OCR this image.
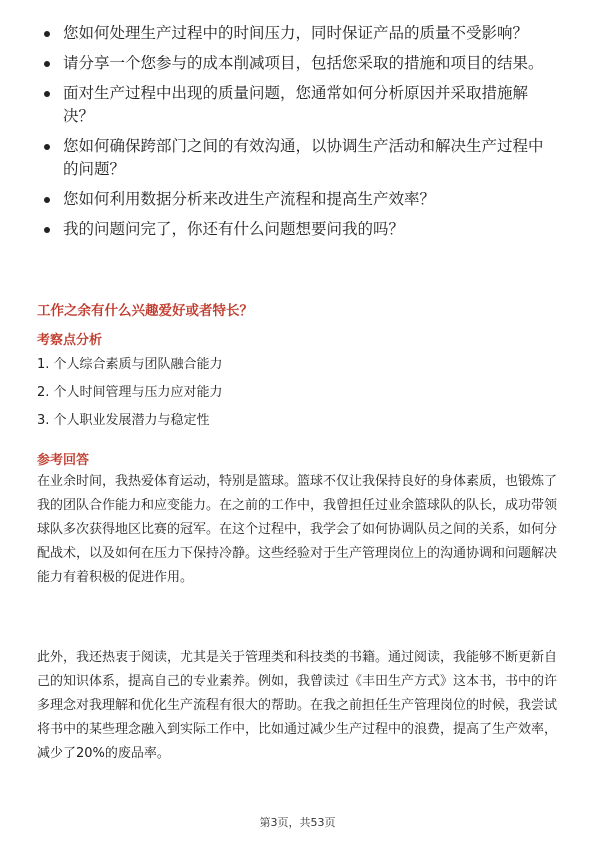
您如何处理生产过程中的时间压力，同时保证产品的质量不受影响？
请分享一个您参与的成本削减项目，包括您采取的措施和项目的结果。
面对生产过程中出现的质量问题，您通常如何分析原因并采取措施解决？
您如何确保跨部门之间的有效沟通，以协调生产活动和解决生产过程中的问题？
您如何利用数据分析来改进生产流程和提高生产效率？
我的问题问完了，你还有什么问题想要问我的吗？
工作之余有什么兴趣爱好或者特长？
考察点分析
1. 个人综合素质与团队融合能力
2. 个人时间管理与压力应对能力
3. 个人职业发展潜力与稳定性
参考回答

在业余时间，我热爱体育运动，特别是篮球。篮球不仅让我保持良好的身体素质，也锻炼了我的团队合作能力和应变能力。在之前的工作中，我曾担任过业余篮球队的队长，成功带领球队多次获得地区比赛的冠军。在这个过程中，我学会了如何协调队员之间的关系，如何分配战术，以及如何在压力下保持冷静。这些经验对于生产管理岗位上的沟通协调和问题解决能力有着积极的促进作用。

此外，我还热衷于阅读，尤其是关于管理类和科技类的书籍。通过阅读，我能够不断更新自己的知识体系，提高自己的专业素养。例如，我曾读过《丰田生产方式》这本书，书中的许多理念对我理解和优化生产流程有很大的帮助。在我之前担任生产管理岗位的时候，我尝试将书中的某些理念融入到实际工作中，比如通过减少生产过程中的浪费，提高了生产效率，减少了20%的废品率。

第3页，共53页
